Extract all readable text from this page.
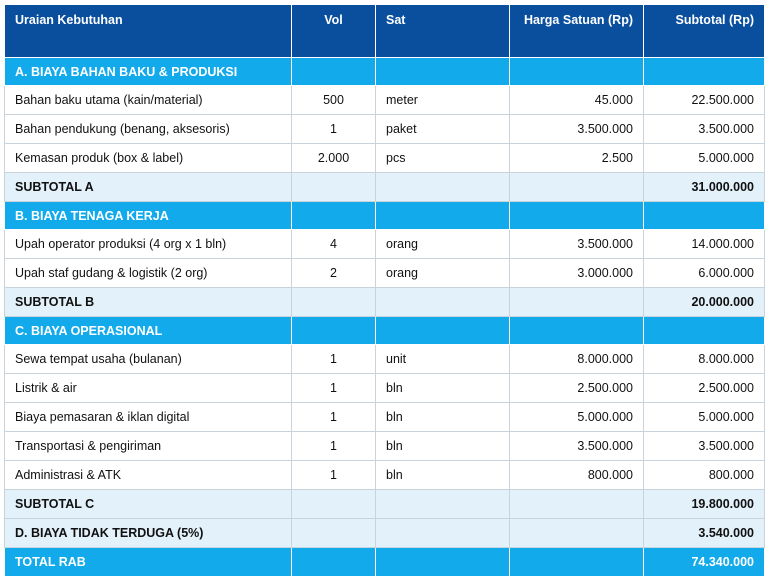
Uraian Kebutuhan	Vol	Sat	Harga Satuan (Rp)	Subtotal (Rp)
A. BIAYA BAHAN BAKU & PRODUKSI				
Bahan baku utama (kain/material)	500	meter	45.000	22.500.000
Bahan pendukung (benang, aksesoris)	1	paket	3.500.000	3.500.000
Kemasan produk (box & label)	2.000	pcs	2.500	5.000.000
SUBTOTAL A				31.000.000
B. BIAYA TENAGA KERJA				
Upah operator produksi (4 org x 1 bln)	4	orang	3.500.000	14.000.000
Upah staf gudang & logistik (2 org)	2	orang	3.000.000	6.000.000
SUBTOTAL B				20.000.000
C. BIAYA OPERASIONAL				
Sewa tempat usaha (bulanan)	1	unit	8.000.000	8.000.000
Listrik & air	1	bln	2.500.000	2.500.000
Biaya pemasaran & iklan digital	1	bln	5.000.000	5.000.000
Transportasi & pengiriman	1	bln	3.500.000	3.500.000
Administrasi & ATK	1	bln	800.000	800.000
SUBTOTAL C				19.800.000
D. BIAYA TIDAK TERDUGA (5%)				3.540.000
TOTAL RAB				74.340.000
